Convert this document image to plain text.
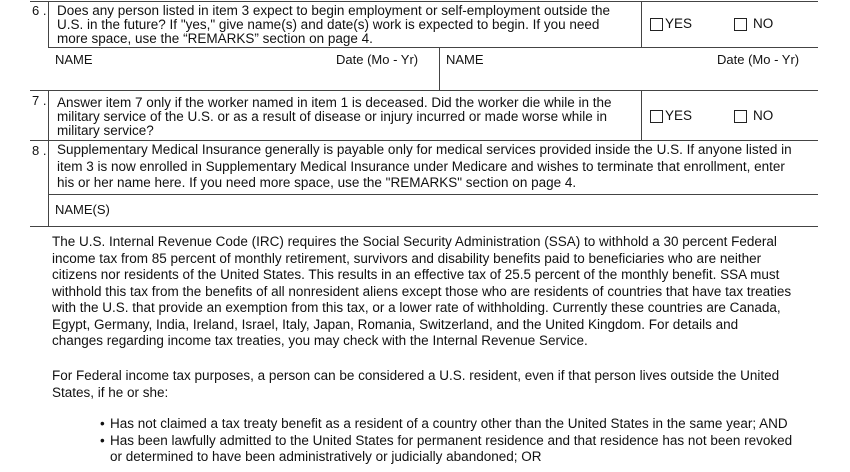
6 . Does any person listed in item 3 expect to begin employment or self-employment outside the
U.S. in the future? If "yes," give name(s) and date(s) work is expected to begin. If you need
more space, use the “REMARKS” section on page 4.
YES	NO
NAME	Date (Mo - Yr) NAME	Date (Mo - Yr)
7 . Answer item 7 only if the worker named in item 1 is deceased. Did the worker die while in the
military service of the U.S. or as a result of disease or injury incurred or made worse while in
military service?
YES	NO
8 . Supplementary Medical Insurance generally is payable only for medical services provided inside the U.S. If anyone listed in
item 3 is now enrolled in Supplementary Medical Insurance under Medicare and wishes to terminate that enrollment, enter
his or her name here. If you need more space, use the "REMARKS" section on page 4.
NAME(S)
The U.S. Internal Revenue Code (IRC) requires the Social Security Administration (SSA) to withhold a 30 percent Federal
income tax from 85 percent of monthly retirement, survivors and disability benefits paid to beneficiaries who are neither
citizens nor residents of the United States. This results in an effective tax of 25.5 percent of the monthly benefit. SSA must
withhold this tax from the benefits of all nonresident aliens except those who are residents of countries that have tax treaties
with the U.S. that provide an exemption from this tax, or a lower rate of withholding. Currently these countries are Canada,
Egypt, Germany, India, Ireland, Israel, Italy, Japan, Romania, Switzerland, and the United Kingdom. For details and
changes regarding income tax treaties, you may check with the Internal Revenue Service.
For Federal income tax purposes, a person can be considered a U.S. resident, even if that person lives outside the United
States, if he or she:
• Has not claimed a tax treaty benefit as a resident of a country other than the United States in the same year; AND
• Has been lawfully admitted to the United States for permanent residence and that residence has not been revoked
or determined to have been administratively or judicially abandoned; OR
